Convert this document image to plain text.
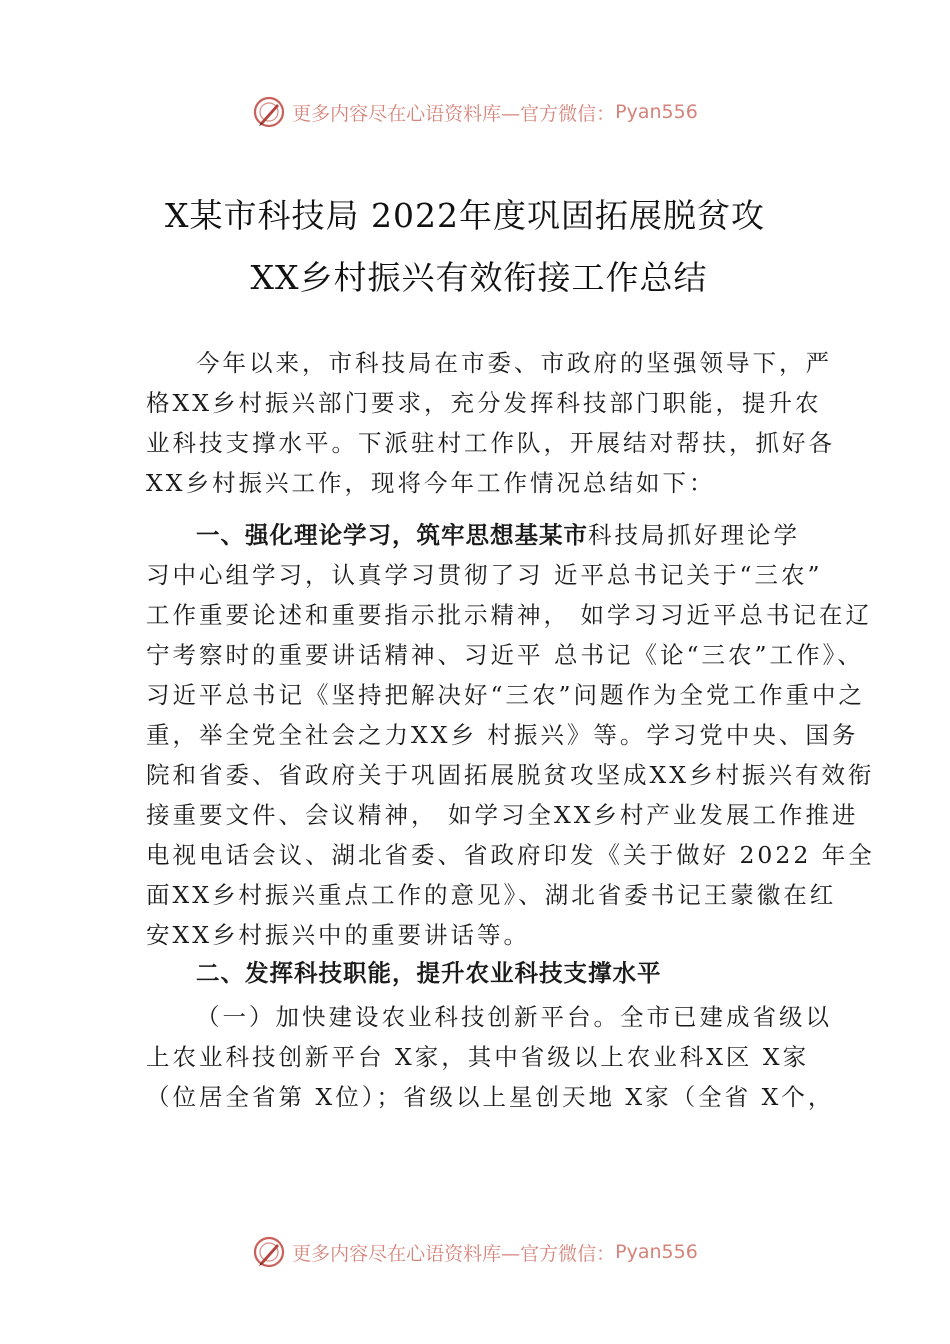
更多内容尽在心语资料库—官方微信： Pyan556
X某市科技局 2022年度巩固拓展脱贫攻
XX乡村振兴有效衔接工作总结
今年以来，市科技局在市委、市政府的坚强领导下，严
格XX乡村振兴部门要求，充分发挥科技部门职能，提升农
业科技支撑水平。下派驻村工作队，开展结对帮扶，抓好各
XX乡村振兴工作，现将今年工作情况总结如下：
一、强化理论学习，筑牢思想基某市科技局抓好理论学
习中心组学习，认真学习贯彻了习 近平总书记关于“三农”
工作重要论述和重要指示批示精神， 如学习习近平总书记在辽
宁考察时的重要讲话精神、习近平 总书记《论“三农”工作》、
习近平总书记《坚持把解决好“三农”问题作为全党工作重中之
重，举全党全社会之力XX乡 村振兴》等。学习党中央、国务
院和省委、省政府关于巩固拓展脱贫攻坚成XX乡村振兴有效衔
接重要文件、会议精神， 如学习全XX乡村产业发展工作推进
电视电话会议、湖北省委、省政府印发《关于做好 2022 年全
面XX乡村振兴重点工作的意见》、湖北省委书记王蒙徽在红
安XX乡村振兴中的重要讲话等。
二、发挥科技职能，提升农业科技支撑水平
（一）加快建设农业科技创新平台。全市已建成省级以
上农业科技创新平台 X家，其中省级以上农业科X区 X家
（位居全省第 X位）；省级以上星创天地 X家（全省 X个，
更多内容尽在心语资料库—官方微信： Pyan556
